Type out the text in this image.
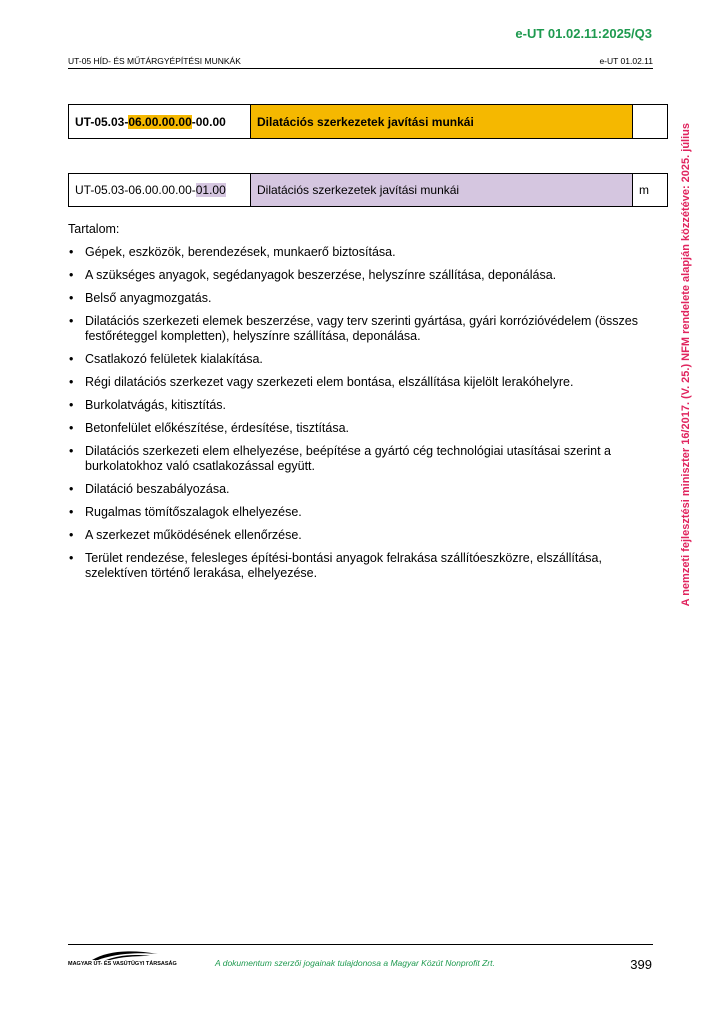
e-UT 01.02.11:2025/Q3
UT-05 HÍD- ÉS MŰTÁRGYÉPÍTÉSI MUNKÁK	e-UT 01.02.11
A nemzeti fejlesztési miniszter 16/2017. (V. 25.) NFM rendelete alapján közzétéve: 2025. július
UT-05.03-06.00.00.00-00.00	Dilatációs szerkezetek javítási munkái	
UT-05.03-06.00.00.00-01.00	Dilatációs szerkezetek javítási munkái	m

Tartalom:

• Gépek, eszközök, berendezések, munkaerő biztosítása.
• A szükséges anyagok, segédanyagok beszerzése, helyszínre szállítása, deponálása.
• Belső anyagmozgatás.
• Dilatációs szerkezeti elemek beszerzése, vagy terv szerinti gyártása, gyári korrózióvédelem (összes festőréteggel kompletten), helyszínre szállítása, deponálása.
• Csatlakozó felületek kialakítása.
• Régi dilatációs szerkezet vagy szerkezeti elem bontása, elszállítása kijelölt lerakóhelyre.
• Burkolatvágás, kitisztítás.
• Betonfelület előkészítése, érdesítése, tisztítása.
• Dilatációs szerkezeti elem elhelyezése, beépítése a gyártó cég technológiai utasításai szerint a burkolatokhoz való csatlakozással együtt.
• Dilatáció beszabályozása.
• Rugalmas tömítőszalagok elhelyezése.
• A szerkezet működésének ellenőrzése.
• Terület rendezése, felesleges építési-bontási anyagok felrakása szállítóeszközre, elszállítása, szelektíven történő lerakása, elhelyezése.
MAGYAR ÚT- ÉS VASÚTÜGYI TÁRSASÁG	A dokumentum szerzői jogainak tulajdonosa a Magyar Közút Nonprofit Zrt.	399
